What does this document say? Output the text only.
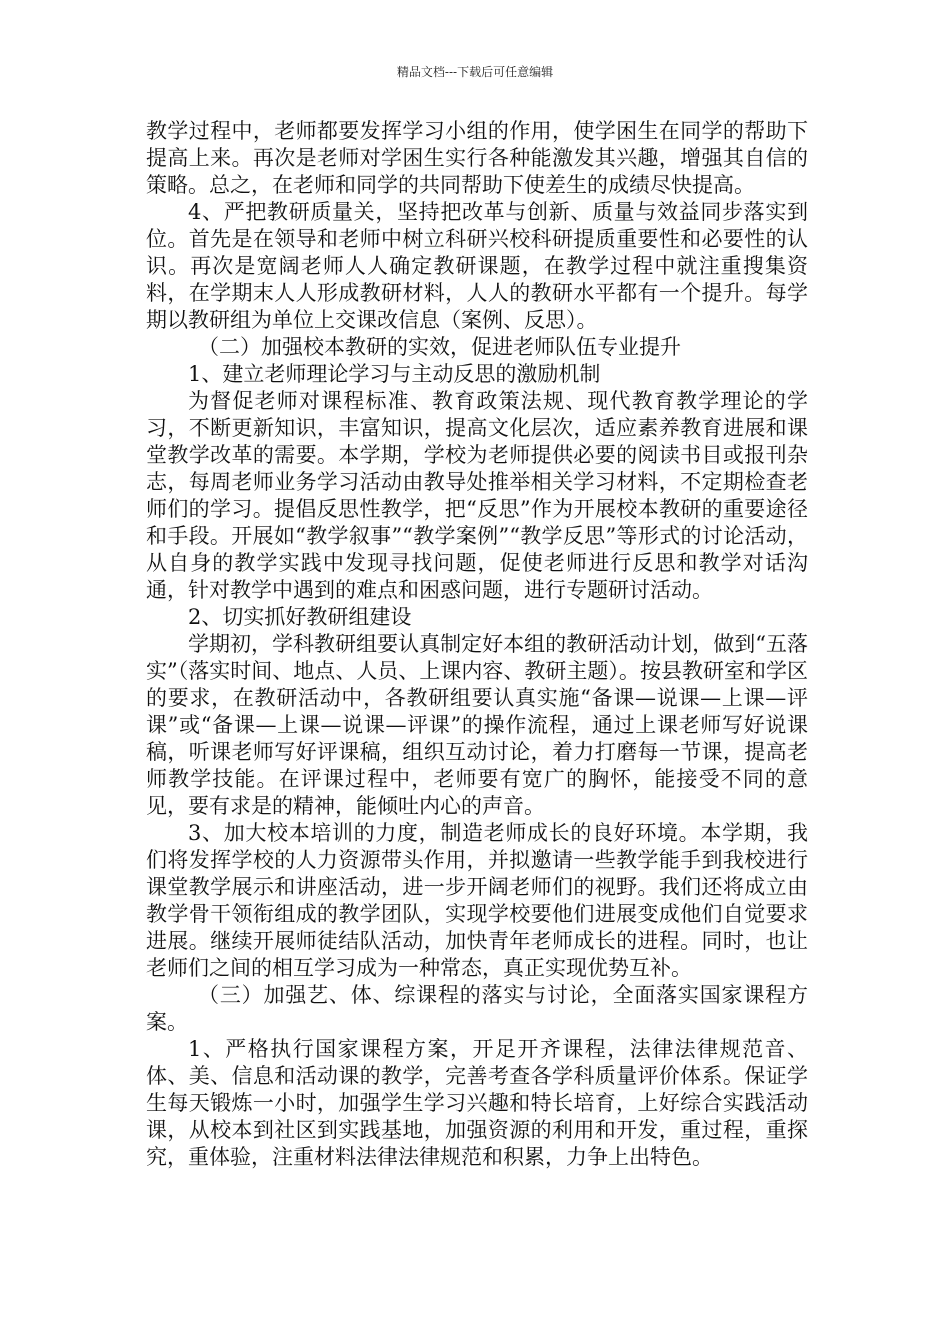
精品文档---下载后可任意编辑

教学过程中，老师都要发挥学习小组的作用，使学困生在同学的帮助下提高上来。再次是老师对学困生实行各种能激发其兴趣，增强其自信的策略。总之，在老师和同学的共同帮助下使差生的成绩尽快提高。

4、严把教研质量关，坚持把改革与创新、质量与效益同步落实到位。首先是在领导和老师中树立科研兴校科研提质重要性和必要性的认识。再次是宽阔老师人人确定教研课题，在教学过程中就注重搜集资料，在学期末人人形成教研材料，人人的教研水平都有一个提升。每学期以教研组为单位上交课改信息（案例、反思）。

（二）加强校本教研的实效，促进老师队伍专业提升

1、建立老师理论学习与主动反思的激励机制

为督促老师对课程标准、教育政策法规、现代教育教学理论的学习，不断更新知识，丰富知识，提高文化层次，适应素养教育进展和课堂教学改革的需要。本学期，学校为老师提供必要的阅读书目或报刊杂志，每周老师业务学习活动由教导处推举相关学习材料，不定期检查老师们的学习。提倡反思性教学，把“反思”作为开展校本教研的重要途径和手段。开展如“教学叙事”“教学案例”“教学反思”等形式的讨论活动，从自身的教学实践中发现寻找问题，促使老师进行反思和教学对话沟通，针对教学中遇到的难点和困惑问题，进行专题研讨活动。

2、切实抓好教研组建设

学期初，学科教研组要认真制定好本组的教研活动计划，做到“五落实”（落实时间、地点、人员、上课内容、教研主题）。按县教研室和学区的要求，在教研活动中，各教研组要认真实施“备课—说课—上课—评课”或“备课—上课—说课—评课”的操作流程，通过上课老师写好说课稿，听课老师写好评课稿，组织互动讨论，着力打磨每一节课，提高老师教学技能。在评课过程中，老师要有宽广的胸怀，能接受不同的意见，要有求是的精神，能倾吐内心的声音。

3、加大校本培训的力度，制造老师成长的良好环境。本学期，我们将发挥学校的人力资源带头作用，并拟邀请一些教学能手到我校进行课堂教学展示和讲座活动，进一步开阔老师们的视野。我们还将成立由教学骨干领衔组成的教学团队，实现学校要他们进展变成他们自觉要求进展。继续开展师徒结队活动，加快青年老师成长的进程。同时，也让老师们之间的相互学习成为一种常态，真正实现优势互补。

（三）加强艺、体、综课程的落实与讨论，全面落实国家课程方案。

1、严格执行国家课程方案，开足开齐课程，法律法律规范音、体、美、信息和活动课的教学，完善考查各学科质量评价体系。保证学生每天锻炼一小时，加强学生学习兴趣和特长培育，上好综合实践活动课，从校本到社区到实践基地，加强资源的利用和开发，重过程，重探究，重体验，注重材料法律法律规范和积累，力争上出特色。
